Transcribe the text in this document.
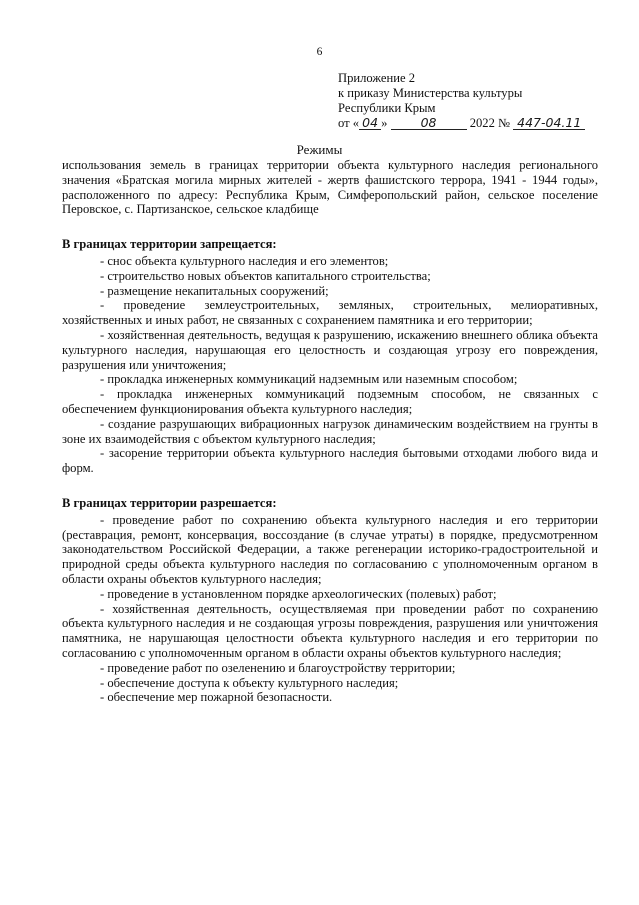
6
Приложение 2
к приказу Министерства культуры
Республики Крым
от « 04 »	08	2022 № 447-04.11
Режимы
использования земель в границах территории объекта культурного наследия регионального значения «Братская могила мирных жителей - жертв фашистского террора, 1941 - 1944 годы», расположенного по адресу: Республика Крым, Симферопольский район, сельское поселение Перовское, с. Партизанское, сельское кладбище
В границах территории запрещается:

- снос объекта культурного наследия и его элементов;

- строительство новых объектов капитального строительства;

- размещение некапитальных сооружений;

- проведение землеустроительных, земляных, строительных, мелиоративных, хозяйственных и иных работ, не связанных с сохранением памятника и его территории;

- хозяйственная деятельность, ведущая к разрушению, искажению внешнего облика объекта культурного наследия, нарушающая его целостность и создающая угрозу его повреждения, разрушения или уничтожения;

- прокладка инженерных коммуникаций надземным или наземным способом;

- прокладка инженерных коммуникаций подземным способом, не связанных с обеспечением функционирования объекта культурного наследия;

- создание разрушающих вибрационных нагрузок динамическим воздействием на грунты в зоне их взаимодействия с объектом культурного наследия;

- засорение территории объекта культурного наследия бытовыми отходами любого вида и форм.

В границах территории разрешается:

- проведение работ по сохранению объекта культурного наследия и его территории (реставрация, ремонт, консервация, воссоздание (в случае утраты) в порядке, предусмотренном законодательством Российской Федерации, а также регенерации историко-градостроительной и природной среды объекта культурного наследия по согласованию с уполномоченным органом в области охраны объектов культурного наследия;

- проведение в установленном порядке археологических (полевых) работ;

- хозяйственная деятельность, осуществляемая при проведении работ по сохранению объекта культурного наследия и не создающая угрозы повреждения, разрушения или уничтожения памятника, не нарушающая целостности объекта культурного наследия и его территории по согласованию с уполномоченным органом в области охраны объектов культурного наследия;

- проведение работ по озеленению и благоустройству территории;

- обеспечение доступа к объекту культурного наследия;

- обеспечение мер пожарной безопасности.
